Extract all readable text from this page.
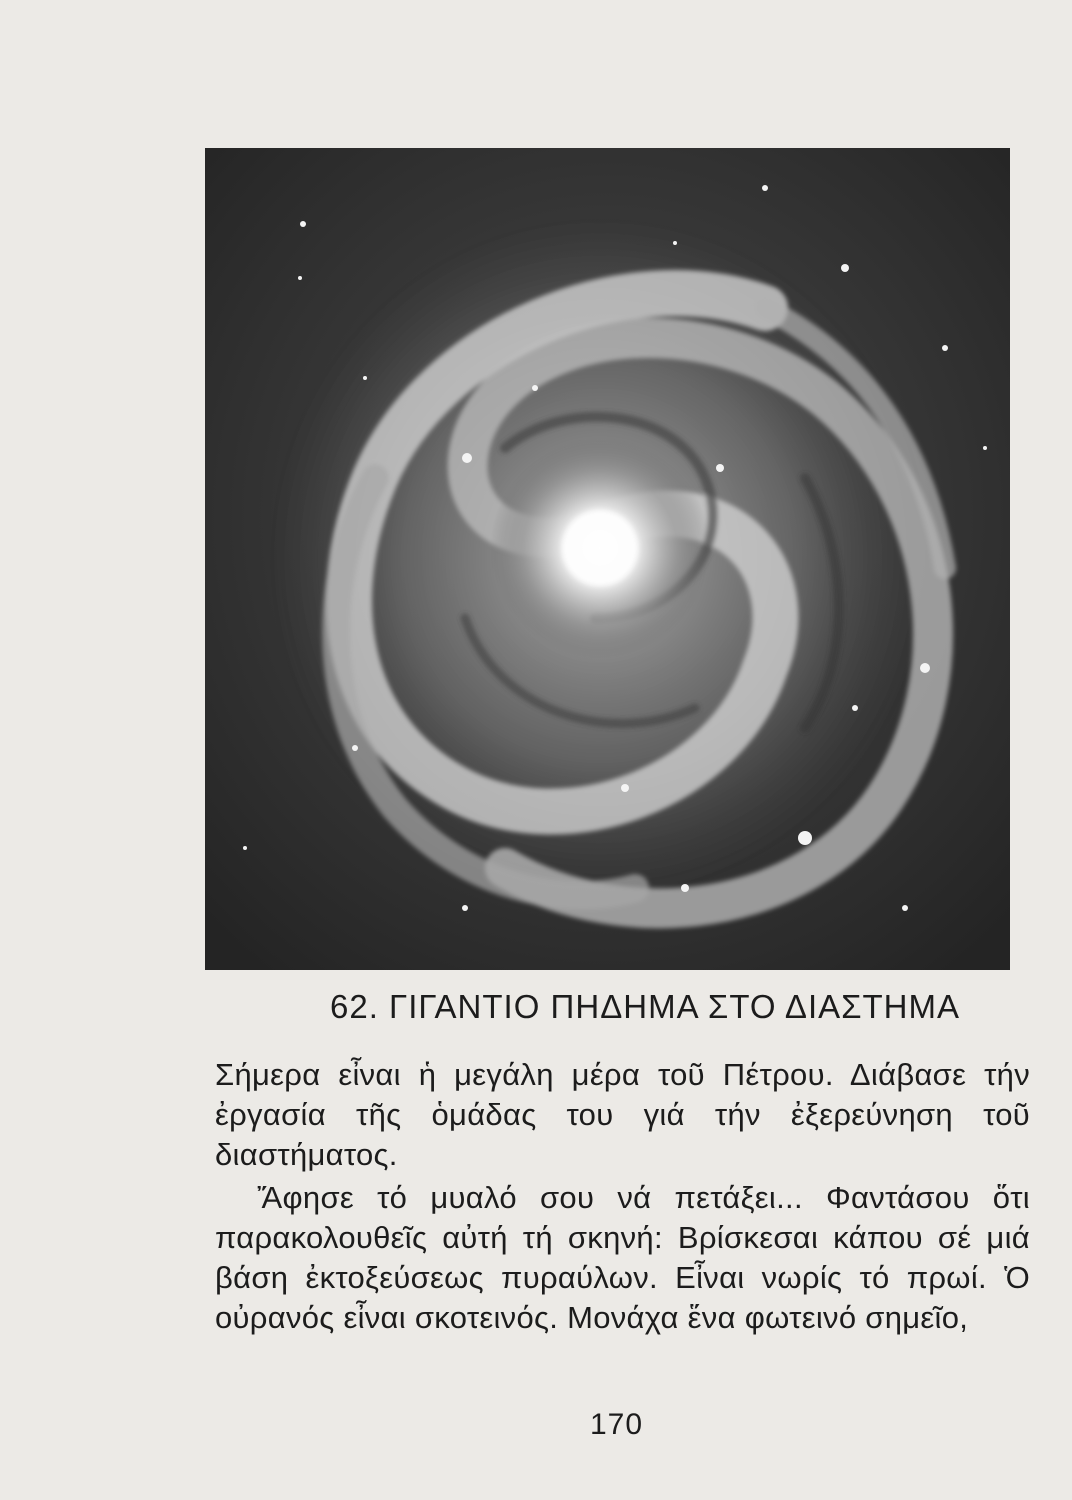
62. ΓΙΓΑΝΤΙΟ ΠΗΔΗΜΑ ΣΤΟ ΔΙΑΣΤΗΜΑ

Σήμερα εἶναι ἡ μεγάλη μέρα τοῦ Πέτρου. Διάβασε τήν ἐργασία τῆς ὁμάδας του γιά τήν ἐξερεύνηση τοῦ διαστήματος.

Ἄφησε τό μυαλό σου νά πετάξει... Φαντάσου ὅτι παρακολουθεῖς αὐτή τή σκηνή: Βρίσκεσαι κάπου σέ μιά βάση ἐκτοξεύσεως πυραύλων. Εἶναι νωρίς τό πρωί. Ὁ οὐρανός εἶναι σκοτεινός. Μονάχα ἕνα φωτεινό σημεῖο,

170
